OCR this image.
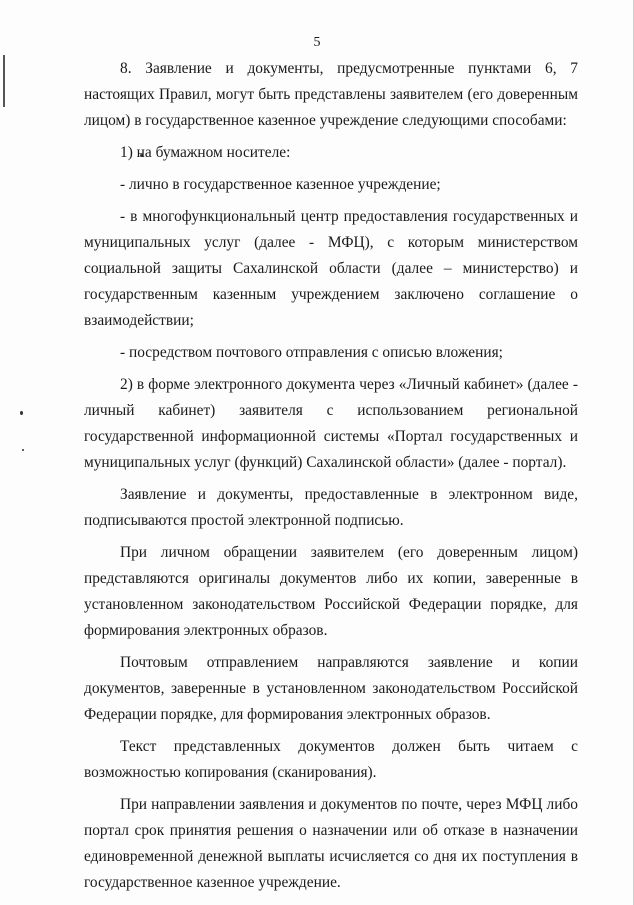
5

8. Заявление и документы, предусмотренные пунктами 6, 7 настоящих Правил, могут быть представлены заявителем (его доверенным лицом) в государственное казенное учреждение следующими способами:

1) на бумажном носителе:

- лично в государственное казенное учреждение;

- в многофункциональный центр предоставления государственных и муниципальных услуг (далее - МФЦ), с которым министерством социальной защиты Сахалинской области (далее – министерство) и государственным казенным учреждением заключено соглашение о взаимодействии;

- посредством почтового отправления с описью вложения;

2) в форме электронного документа через «Личный кабинет» (далее - личный кабинет) заявителя с использованием региональной государственной информационной системы «Портал государственных и муниципальных услуг (функций) Сахалинской области» (далее - портал).

Заявление и документы, предоставленные в электронном виде, подписываются простой электронной подписью.

При личном обращении заявителем (его доверенным лицом) представляются оригиналы документов либо их копии, заверенные в установленном законодательством Российской Федерации порядке, для формирования электронных образов.

Почтовым отправлением направляются заявление и копии документов, заверенные в установленном законодательством Российской Федерации порядке, для формирования электронных образов.

Текст представленных документов должен быть читаем с возможностью копирования (сканирования).

При направлении заявления и документов по почте, через МФЦ либо портал срок принятия решения о назначении или об отказе в назначении единовременной денежной выплаты исчисляется со дня их поступления в государственное казенное учреждение.
